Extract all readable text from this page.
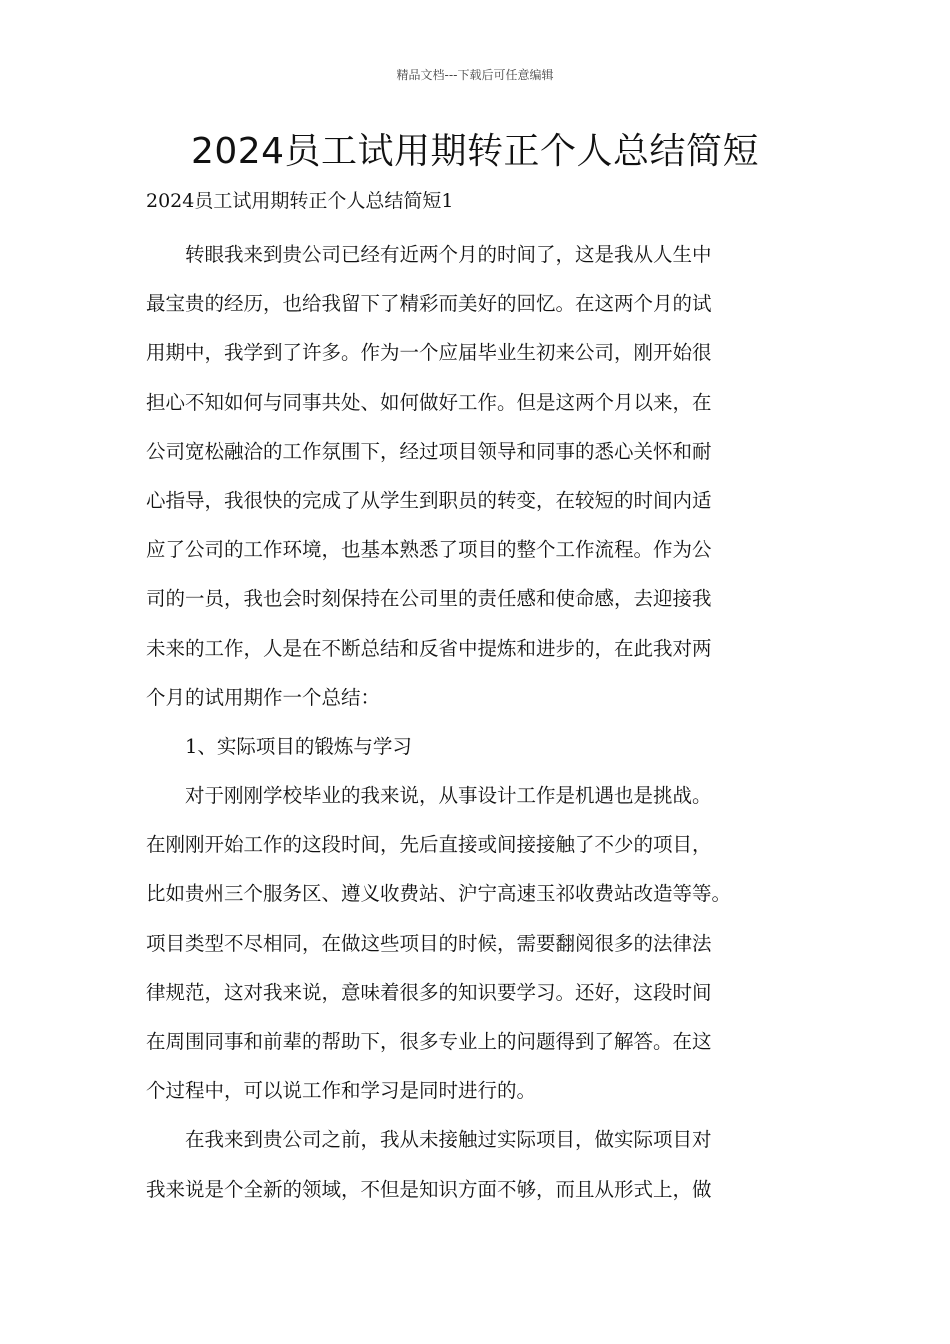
精品文档---下载后可任意编辑
2024员工试用期转正个人总结简短
2024员工试用期转正个人总结简短1
　　转眼我来到贵公司已经有近两个月的时间了，这是我从人生中
最宝贵的经历，也给我留下了精彩而美好的回忆。在这两个月的试
用期中，我学到了许多。作为一个应届毕业生初来公司，刚开始很
担心不知如何与同事共处、如何做好工作。但是这两个月以来，在
公司宽松融洽的工作氛围下，经过项目领导和同事的悉心关怀和耐
心指导，我很快的完成了从学生到职员的转变，在较短的时间内适
应了公司的工作环境，也基本熟悉了项目的整个工作流程。作为公
司的一员，我也会时刻保持在公司里的责任感和使命感，去迎接我
未来的工作，人是在不断总结和反省中提炼和进步的，在此我对两
个月的试用期作一个总结：
　　1、实际项目的锻炼与学习
　　对于刚刚学校毕业的我来说，从事设计工作是机遇也是挑战。
在刚刚开始工作的这段时间，先后直接或间接接触了不少的项目，
比如贵州三个服务区、遵义收费站、沪宁高速玉祁收费站改造等等。
项目类型不尽相同，在做这些项目的时候，需要翻阅很多的法律法
律规范，这对我来说，意味着很多的知识要学习。还好，这段时间
在周围同事和前辈的帮助下，很多专业上的问题得到了解答。在这
个过程中，可以说工作和学习是同时进行的。
　　在我来到贵公司之前，我从未接触过实际项目，做实际项目对
我来说是个全新的领域，不但是知识方面不够，而且从形式上，做
